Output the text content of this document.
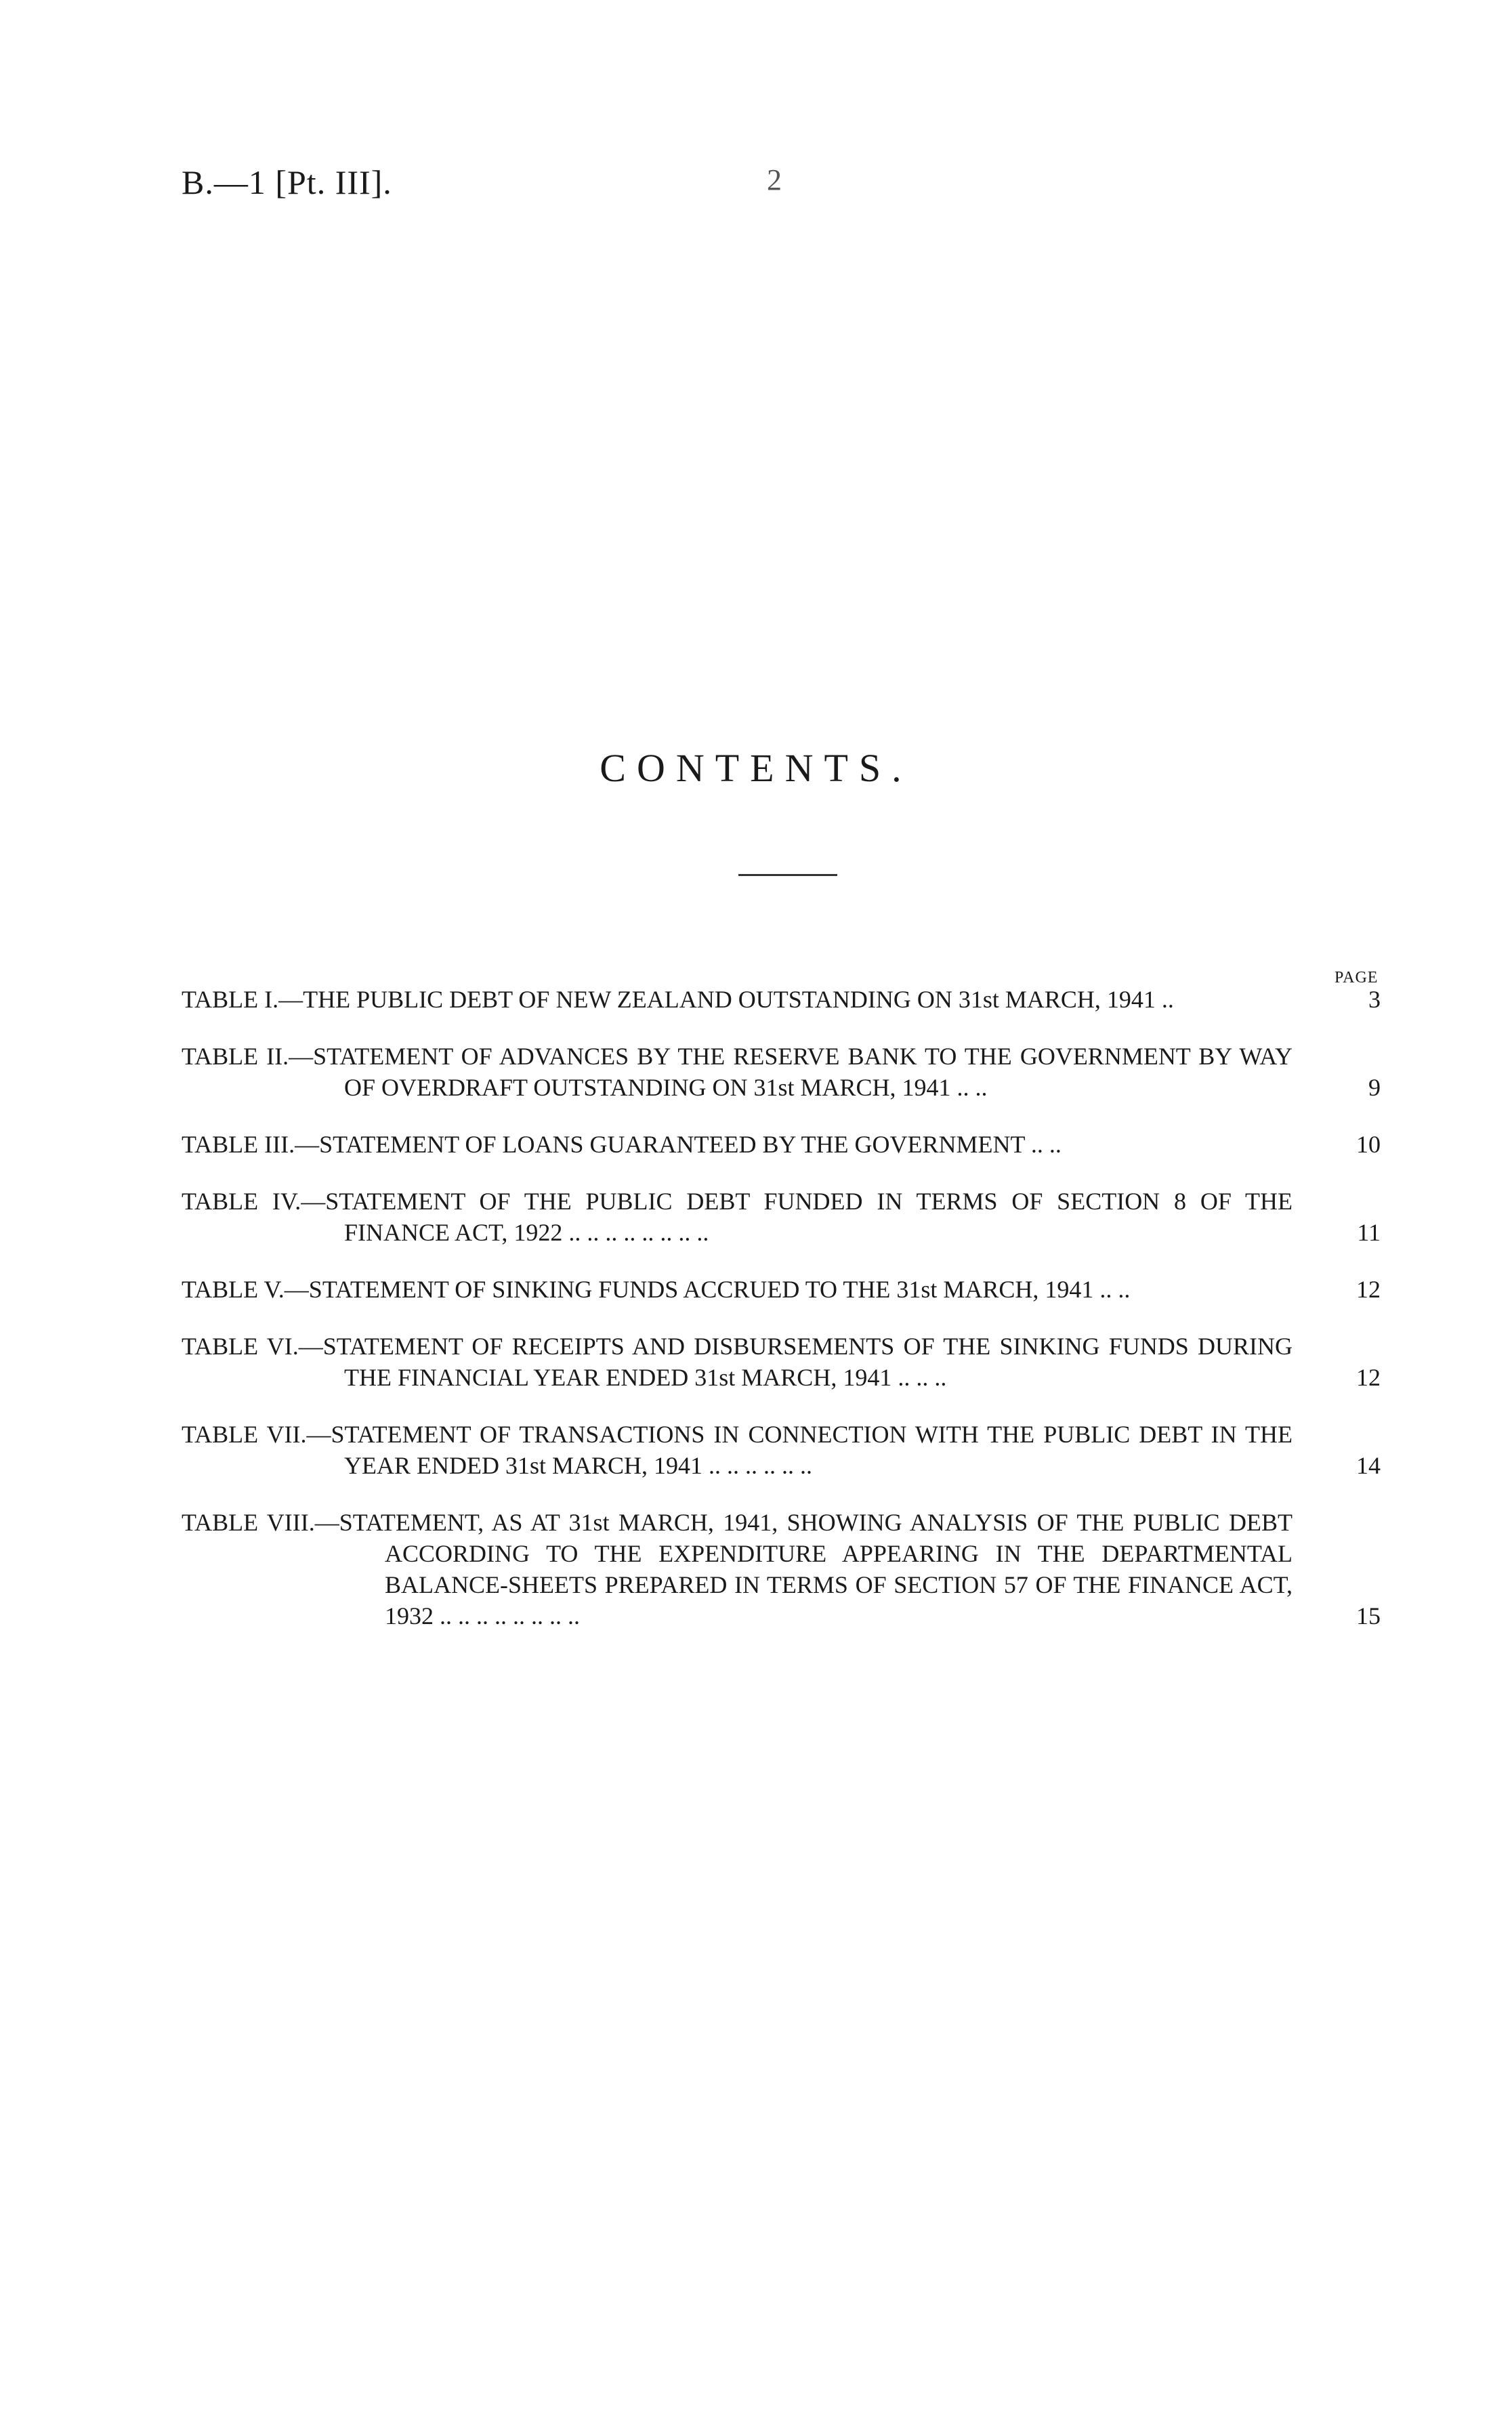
B.—1 [Pt. III].	2
CONTENTS.
PAGE
TABLE I.—THE PUBLIC DEBT OF NEW ZEALAND OUTSTANDING ON 31st MARCH, 1941 ..	3
TABLE II.—STATEMENT OF ADVANCES BY THE RESERVE BANK TO THE GOVERNMENT BY WAY OF OVERDRAFT OUTSTANDING ON 31st MARCH, 1941 .. ..	9
TABLE III.—STATEMENT OF LOANS GUARANTEED BY THE GOVERNMENT .. ..	10
TABLE IV.—STATEMENT OF THE PUBLIC DEBT FUNDED IN TERMS OF SECTION 8 OF THE FINANCE ACT, 1922 .. .. .. .. .. .. .. ..	11
TABLE V.—STATEMENT OF SINKING FUNDS ACCRUED TO THE 31st MARCH, 1941 .. ..	12
TABLE VI.—STATEMENT OF RECEIPTS AND DISBURSEMENTS OF THE SINKING FUNDS DURING THE FINANCIAL YEAR ENDED 31st MARCH, 1941 .. .. ..	12
TABLE VII.—STATEMENT OF TRANSACTIONS IN CONNECTION WITH THE PUBLIC DEBT IN THE YEAR ENDED 31st MARCH, 1941 .. .. .. .. .. ..	14
TABLE VIII.—STATEMENT, AS AT 31st MARCH, 1941, SHOWING ANALYSIS OF THE PUBLIC DEBT ACCORDING TO THE EXPENDITURE APPEARING IN THE DEPARTMENTAL BALANCE-SHEETS PREPARED IN TERMS OF SECTION 57 OF THE FINANCE ACT, 1932 .. .. .. .. .. .. .. ..	15
